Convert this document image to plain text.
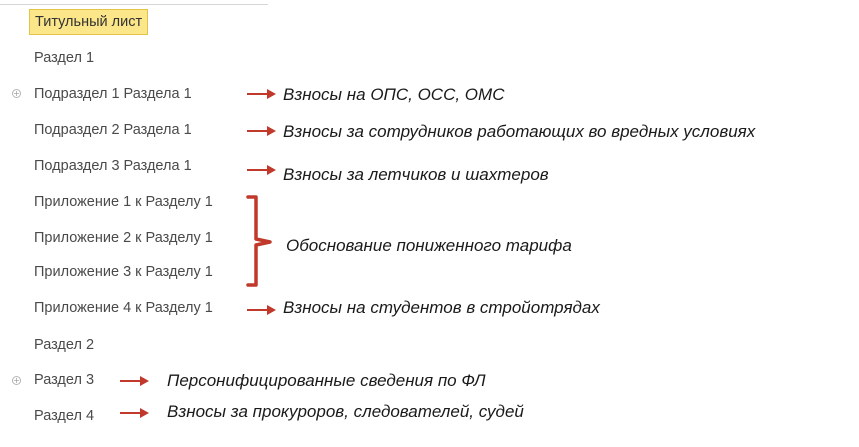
Титульный лист
Раздел 1
+ Подраздел 1 Раздела 1
Подраздел 2 Раздела 1
Подраздел 3 Раздела 1
Приложение 1 к Разделу 1
Приложение 2 к Разделу 1
Приложение 3 к Разделу 1
Приложение 4 к Разделу 1
Раздел 2
+ Раздел 3
Раздел 4
Взносы на ОПС, ОСС, ОМС
Взносы за сотрудников работающих во вредных условиях
Взносы за летчиков и шахтеров
Обоснование пониженного тарифа
Взносы на студентов в стройотрядах
Персонифицированные сведения по ФЛ
Взносы за прокуроров, следователей, судей
